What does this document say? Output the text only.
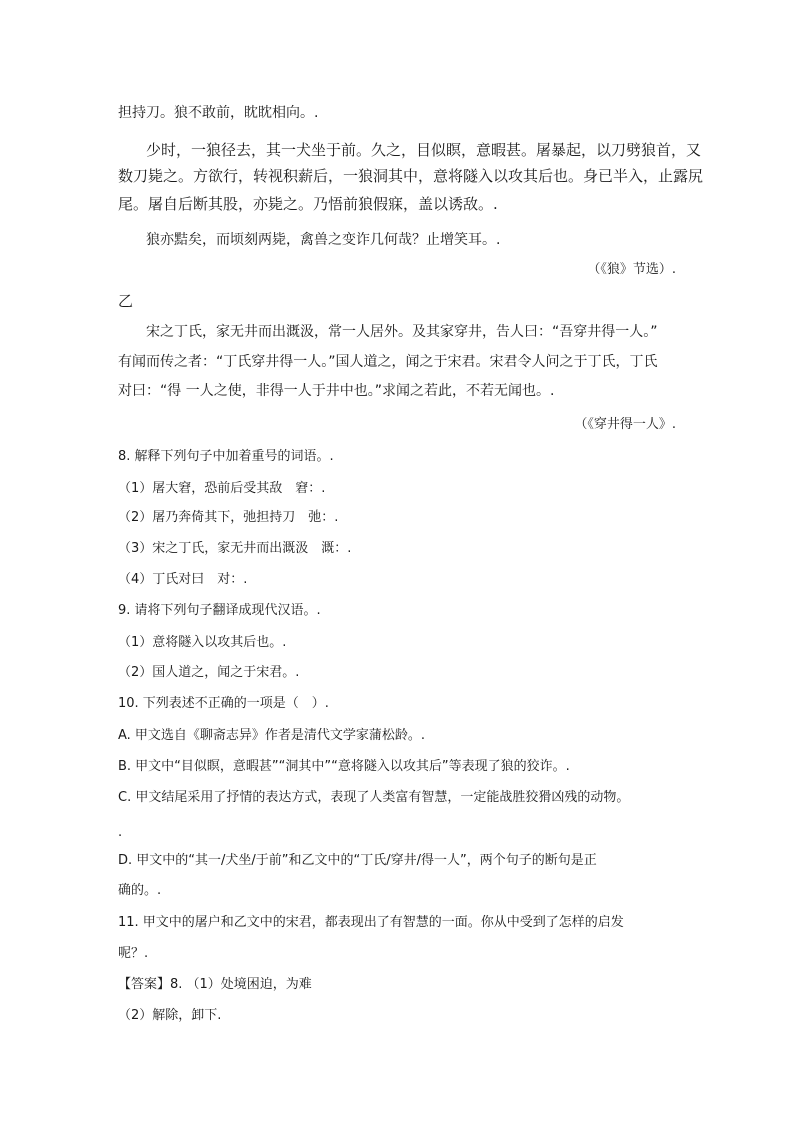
担持刀。狼不敢前，眈眈相向。.
少时，一狼径去，其一犬坐于前。久之，目似瞑，意暇甚。屠暴起，以刀劈狼首，又
数刀毙之。方欲行，转视积薪后，一狼洞其中，意将隧入以攻其后也。身已半入，止露尻
尾。屠自后断其股，亦毙之。乃悟前狼假寐，盖以诱敌。.
狼亦黠矣，而顷刻两毙，禽兽之变诈几何哉？止增笑耳。.
（《狼》节选）.
乙
宋之丁氏，家无井而出溉汲，常一人居外。及其家穿井，告人曰：“吾穿井得一人。”
有闻而传之者：“丁氏穿井得一人。”国人道之，闻之于宋君。宋君令人问之于丁氏，丁氏
对曰：“得 一人之使，非得一人于井中也。”求闻之若此，不若无闻也。.
（《穿井得一人》.
8. 解释下列句子中加着重号的词语。.
（1）屠大窘，恐前后受其敌　窘：.
（2）屠乃奔倚其下，弛担持刀　弛：.
（3）宋之丁氏，家无井而出溉汲　溉：.
（4）丁氏对曰　对：.
9. 请将下列句子翻译成现代汉语。.
（1）意将隧入以攻其后也。.
（2）国人道之，闻之于宋君。.
10. 下列表述不正确的一项是（　）.
A. 甲文选自《聊斋志异》作者是清代文学家蒲松龄。.
B. 甲文中“目似瞑，意暇甚”“洞其中”“意将隧入以攻其后”等表现了狼的狡诈。.
C. 甲文结尾采用了抒情的表达方式，表现了人类富有智慧，一定能战胜狡猾凶残的动物。
.
D. 甲文中的“其一/犬坐/于前”和乙文中的“丁氏/穿井/得一人”，两个句子的断句是正
确的。.
11. 甲文中的屠户和乙文中的宋君，都表现出了有智慧的一面。你从中受到了怎样的启发
呢？.
【答案】8. （1）处境困迫，为难
（2）解除，卸下.
